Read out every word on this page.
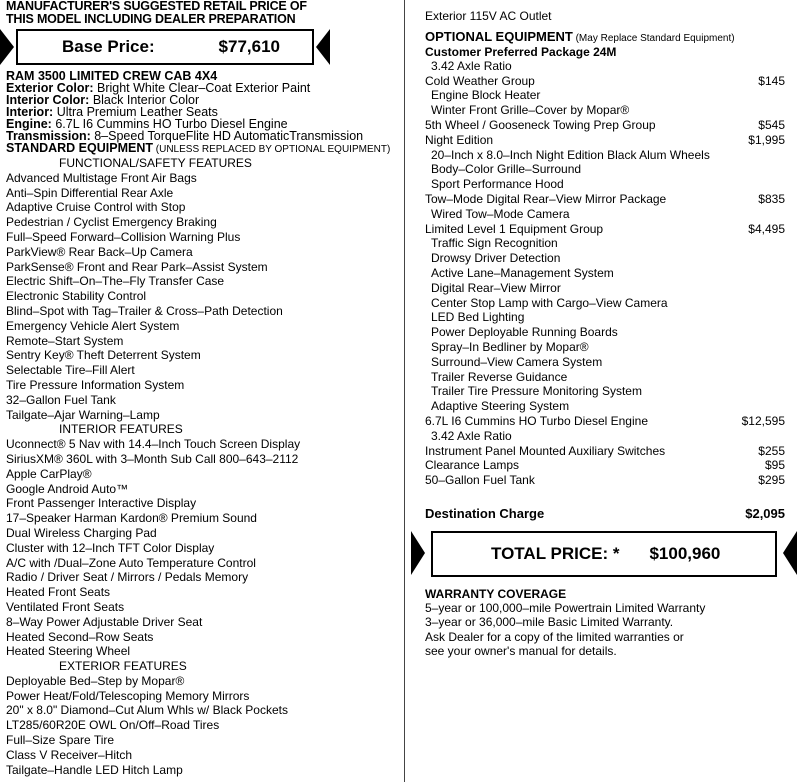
MANUFACTURER'S SUGGESTED RETAIL PRICE OF
THIS MODEL INCLUDING DEALER PREPARATION
Base Price:	$77,610
RAM 3500 LIMITED CREW CAB 4X4
Exterior Color: Bright White Clear–Coat Exterior Paint
Interior Color: Black Interior Color
Interior: Ultra Premium Leather Seats
Engine: 6.7L I6 Cummins HO Turbo Diesel Engine
Transmission: 8–Speed TorqueFlite HD AutomaticTransmission
STANDARD EQUIPMENT (UNLESS REPLACED BY OPTIONAL EQUIPMENT)
FUNCTIONAL/SAFETY FEATURES
Advanced Multistage Front Air Bags
Anti–Spin Differential Rear Axle
Adaptive Cruise Control with Stop
Pedestrian / Cyclist Emergency Braking
Full–Speed Forward–Collision Warning Plus
ParkView® Rear Back–Up Camera
ParkSense® Front and Rear Park–Assist System
Electric Shift–On–The–Fly Transfer Case
Electronic Stability Control
Blind–Spot with Tag–Trailer & Cross–Path Detection
Emergency Vehicle Alert System
Remote–Start System
Sentry Key® Theft Deterrent System
Selectable Tire–Fill Alert
Tire Pressure Information System
32–Gallon Fuel Tank
Tailgate–Ajar Warning–Lamp
INTERIOR FEATURES
Uconnect® 5 Nav with 14.4–Inch Touch Screen Display
SiriusXM® 360L with 3–Month Sub Call 800–643–2112
Apple CarPlay®
Google Android Auto™
Front Passenger Interactive Display
17–Speaker Harman Kardon® Premium Sound
Dual Wireless Charging Pad
Cluster with 12–Inch TFT Color Display
A/C with /Dual–Zone Auto Temperature Control
Radio / Driver Seat / Mirrors / Pedals Memory
Heated Front Seats
Ventilated Front Seats
8–Way Power Adjustable Driver Seat
Heated Second–Row Seats
Heated Steering Wheel
EXTERIOR FEATURES
Deployable Bed–Step by Mopar®
Power Heat/Fold/Telescoping Memory Mirrors
20" x 8.0" Diamond–Cut Alum Whls w/ Black Pockets
LT285/60R20E OWL On/Off–Road Tires
Full–Size Spare Tire
Class V Receiver–Hitch
Tailgate–Handle LED Hitch Lamp
Exterior 115V AC Outlet
OPTIONAL EQUIPMENT (May Replace Standard Equipment)
Customer Preferred Package 24M
3.42 Axle Ratio
Cold Weather Group	$145
Engine Block Heater
Winter Front Grille–Cover by Mopar®
5th Wheel / Gooseneck Towing Prep Group	$545
Night Edition	$1,995
20–Inch x 8.0–Inch Night Edition Black Alum Wheels
Body–Color Grille–Surround
Sport Performance Hood
Tow–Mode Digital Rear–View Mirror Package	$835
Wired Tow–Mode Camera
Limited Level 1 Equipment Group	$4,495
Traffic Sign Recognition
Drowsy Driver Detection
Active Lane–Management System
Digital Rear–View Mirror
Center Stop Lamp with Cargo–View Camera
LED Bed Lighting
Power Deployable Running Boards
Spray–In Bedliner by Mopar®
Surround–View Camera System
Trailer Reverse Guidance
Trailer Tire Pressure Monitoring System
Adaptive Steering System
6.7L I6 Cummins HO Turbo Diesel Engine	$12,595
3.42 Axle Ratio
Instrument Panel Mounted Auxiliary Switches	$255
Clearance Lamps	$95
50–Gallon Fuel Tank	$295
Destination Charge	$2,095
TOTAL PRICE: * $100,960
WARRANTY COVERAGE
5–year or 100,000–mile Powertrain Limited Warranty
3–year or 36,000–mile Basic Limited Warranty.
Ask Dealer for a copy of the limited warranties or
see your owner's manual for details.
